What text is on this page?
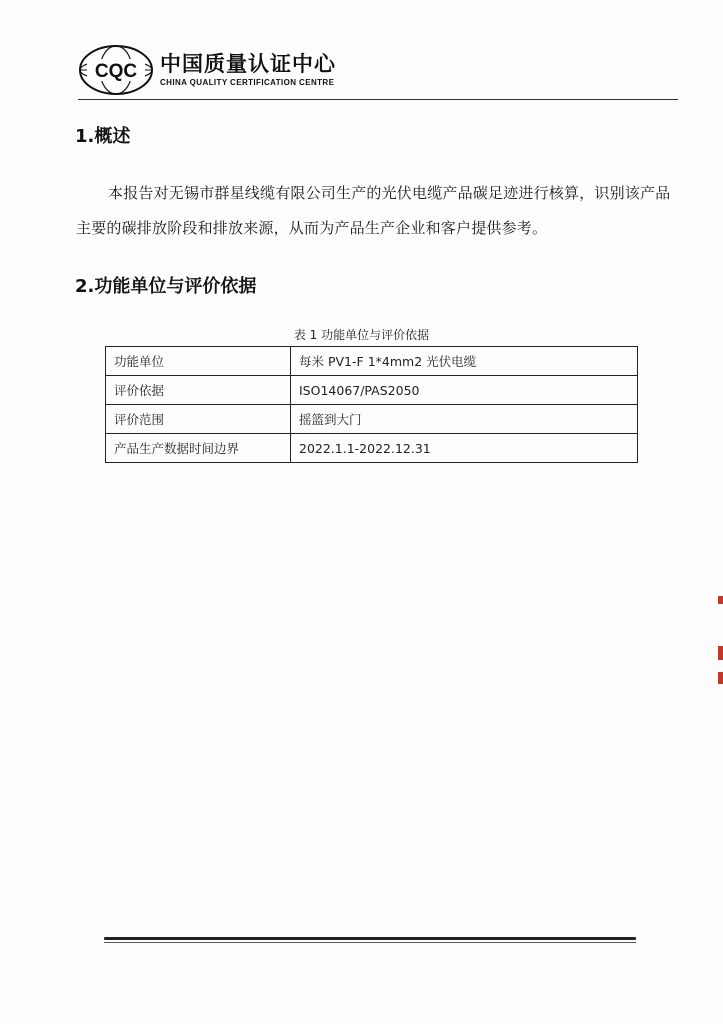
CQC 中国质量认证中心
CHINA QUALITY CERTIFICATION CENTRE
1.概述
本报告对无锡市群星线缆有限公司生产的光伏电缆产品碳足迹进行核算，识别该产品主要的碳排放阶段和排放来源，从而为产品生产企业和客户提供参考。
2.功能单位与评价依据
表 1 功能单位与评价依据
功能单位	每米 PV1-F 1*4mm2 光伏电缆
评价依据	ISO14067/PAS2050
评价范围	摇篮到大门
产品生产数据时间边界	2022.1.1-2022.12.31
